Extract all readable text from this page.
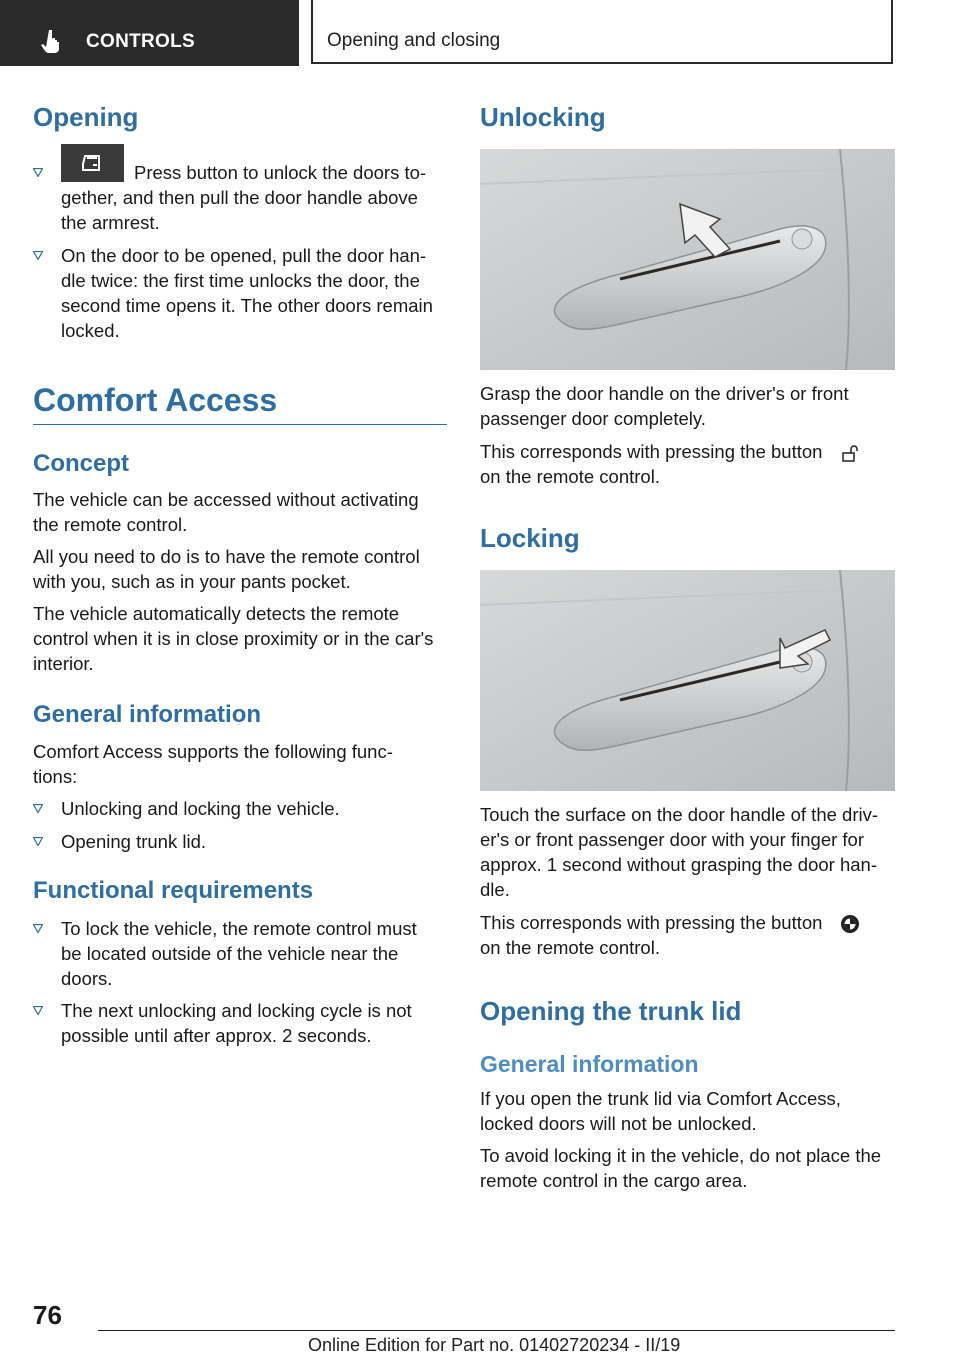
CONTROLS	Opening and closing
Opening
Press button to unlock the doors to-
gether, and then pull the door handle above
the armrest.
On the door to be opened, pull the door han-
dle twice: the first time unlocks the door, the
second time opens it. The other doors remain
locked.
Comfort Access
Concept
The vehicle can be accessed without activating
the remote control.
All you need to do is to have the remote control
with you, such as in your pants pocket.
The vehicle automatically detects the remote
control when it is in close proximity or in the car's
interior.
General information
Comfort Access supports the following func-
tions:
Unlocking and locking the vehicle.
Opening trunk lid.
Functional requirements
To lock the vehicle, the remote control must
be located outside of the vehicle near the
doors.
The next unlocking and locking cycle is not
possible until after approx. 2 seconds.
Unlocking
Grasp the door handle on the driver's or front
passenger door completely.
This corresponds with pressing the button
on the remote control.
Locking
Touch the surface on the door handle of the driv-
er's or front passenger door with your finger for
approx. 1 second without grasping the door han-
dle.
This corresponds with pressing the button
on the remote control.
Opening the trunk lid
General information
If you open the trunk lid via Comfort Access,
locked doors will not be unlocked.
To avoid locking it in the vehicle, do not place the
remote control in the cargo area.
76
Online Edition for Part no. 01402720234 - II/19
